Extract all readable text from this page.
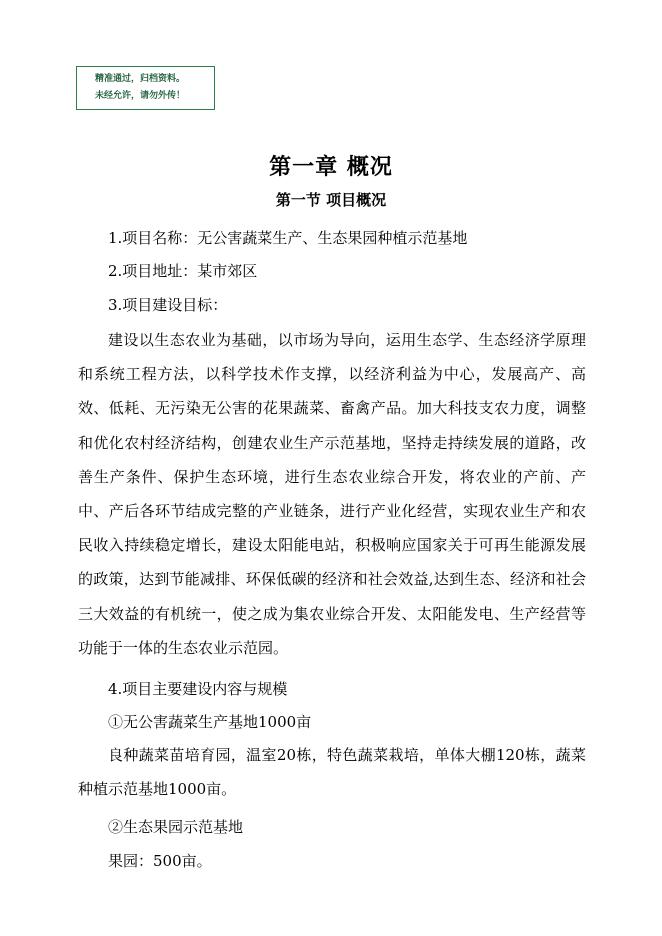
精准通过，归档资料。
未经允许，请勿外传！
第一章 概况
第一节 项目概况
1.项目名称：无公害蔬菜生产、生态果园种植示范基地
2.项目地址：某市郊区
3.项目建设目标：
建设以生态农业为基础，以市场为导向，运用生态学、生态经济学原理和系统工程方法，以科学技术作支撑，以经济利益为中心，发展高产、高效、低耗、无污染无公害的花果蔬菜、畜禽产品。加大科技支农力度，调整和优化农村经济结构，创建农业生产示范基地，坚持走持续发展的道路，改善生产条件、保护生态环境，进行生态农业综合开发，将农业的产前、产中、产后各环节结成完整的产业链条，进行产业化经营，实现农业生产和农民收入持续稳定增长，建设太阳能电站，积极响应国家关于可再生能源发展的政策，达到节能减排、环保低碳的经济和社会效益,达到生态、经济和社会三大效益的有机统一，使之成为集农业综合开发、太阳能发电、生产经营等功能于一体的生态农业示范园。
4.项目主要建设内容与规模
①无公害蔬菜生产基地1000亩
良种蔬菜苗培育园，温室20栋，特色蔬菜栽培，单体大棚120栋，蔬菜种植示范基地1000亩。
②生态果园示范基地
果园：500亩。
